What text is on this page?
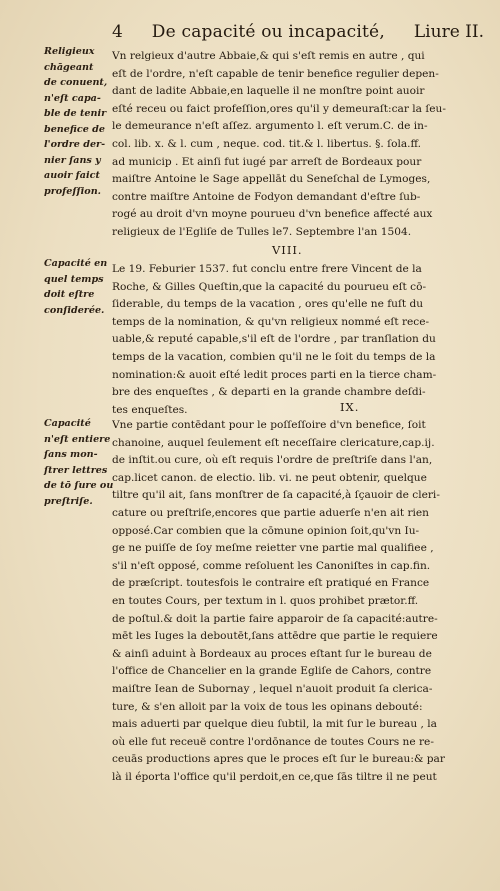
4 De capacité ou incapacité, Liure II.
Religieux
chāgeant
de conuent,
n'eſt capa-
ble de tenir
benefice de
l'ordre der-
nier ſans y
auoir faict
profeſſion.
Vn relgieux d'autre Abbaie,& qui s'eſt remis en autre , qui
eſt de l'ordre, n'eſt capable de tenir benefice regulier depen-
dant de ladite Abbaie,en laquelle il ne monſtre point auoir
eſté receu ou faict profeſſion,ores qu'il y demeuraſt:car la ſeu-
le demeurance n'eſt aſſez. argumento l. eſt verum.C. de in-
col. lib. x. & l. cum , neque. cod. tit.& l. libertus. §. ſola.ff.
ad municip . Et ainſi fut iugé par arreſt de Bordeaux pour
maiſtre Antoine le Sage appellāt du Seneſchal de Lymoges,
contre maiſtre Antoine de Fodyon demandant d'eſtre ſub-
rogé au droit d'vn moyne pourueu d'vn benefice affecté aux
religieux de l'Egliſe de Tulles le7. Septembre l'an 1504.
VIII.
Capacité en
quel temps
doit eſtre
conſiderée.
Le 19. Feburier 1537. fut conclu entre frere Vincent de la
Roche, & Gilles Queſtin,que la capacité du pourueu eſt cō-
ſiderable, du temps de la vacation , ores qu'elle ne fuſt du
temps de la nomination, & qu'vn religieux nommé eſt rece-
uable,& reputé capable,s'il eſt de l'ordre , par tranſlation du
temps de la vacation, combien qu'il ne le ſoit du temps de la
nomination:& auoit eſté ledit proces parti en la tierce cham-
bre des enqueſtes , & departi en la grande chambre deſdi-
tes enqueſtes.	IX.
Capacité
n'eſt entiere
ſans mon-
ſtrer lettres
de tō ſure ou
preſtriſe.
Vne partie contēdant pour le poſſeſſoire d'vn benefice, ſoit
chanoine, auquel ſeulement eſt neceſſaire clericature,cap.ij.
de inſtit.ou cure, où eſt requis l'ordre de preſtriſe dans l'an,
cap.licet canon. de electio. lib. vi. ne peut obtenir, quelque
tiltre qu'il ait, ſans monſtrer de ſa capacité,à ſçauoir de cleri-
cature ou preſtriſe,encores que partie aduerſe n'en ait rien
opposé.Car combien que la cōmune opinion ſoit,qu'vn Iu-
ge ne puiſſe de ſoy meſme reietter vne partie mal qualifiee ,
s'il n'eſt opposé, comme reſoluent les Canoniſtes in cap.fin.
de præſcript. toutesfois le contraire eſt pratiqué en France
en toutes Cours, per textum in l. quos prohibet prætor.ff.
de poſtul.& doit la partie faire apparoir de ſa capacité:autre-
mēt les Iuges la deboutēt,ſans attēdre que partie le requiere
& ainſi aduint à Bordeaux au proces eſtant ſur le bureau de
l'office de Chancelier en la grande Egliſe de Cahors, contre
maiſtre Iean de Subornay , lequel n'auoit produit ſa clerica-
ture, & s'en alloit par la voix de tous les opinans debouté:
mais aduerti par quelque dieu ſubtil, la mit ſur le bureau , la
où elle fut receuë contre l'ordōnance de toutes Cours ne re-
ceuās productions apres que le proces eſt ſur le bureau:& par
là il éporta l'office qu'il perdoit,en ce,que ſās tiltre il ne peut
